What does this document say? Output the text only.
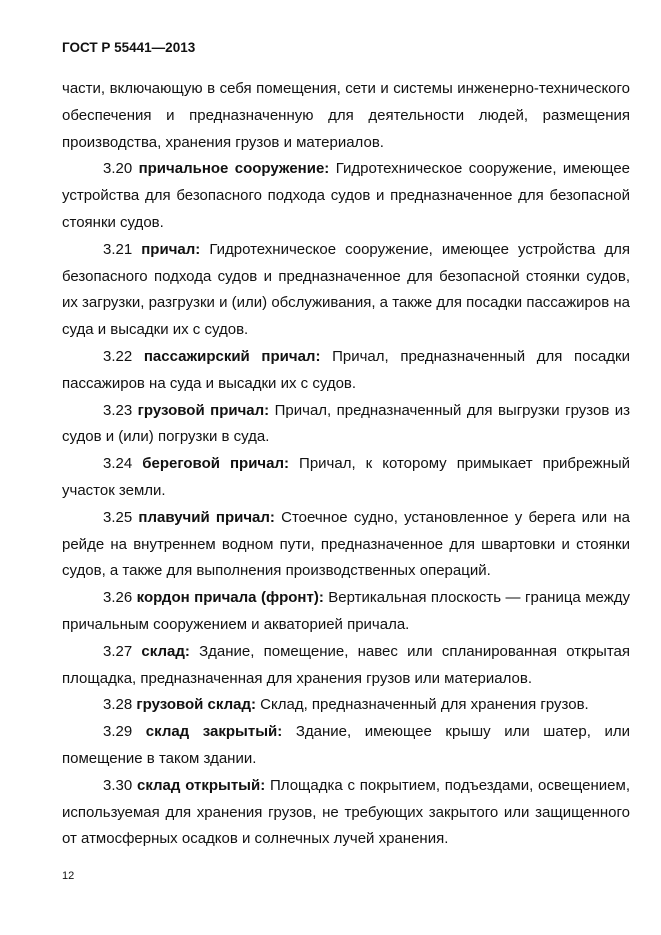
ГОСТ Р 55441—2013

части, включающую в себя помещения, сети и системы инженерно-технического обеспечения и предназначенную для деятельности людей, размещения производства, хранения грузов и материалов.

3.20 причальное сооружение: Гидротехническое сооружение, имеющее устройства для безопасного подхода судов и предназначенное для безопасной стоянки судов.

3.21 причал: Гидротехническое сооружение, имеющее устройства для безопасного подхода судов и предназначенное для безопасной стоянки судов, их загрузки, разгрузки и (или) обслуживания, а также для посадки пассажиров на суда и высадки их с судов.

3.22 пассажирский причал: Причал, предназначенный для посадки пассажиров на суда и высадки их с судов.

3.23 грузовой причал: Причал, предназначенный для выгрузки грузов из судов и (или) погрузки в суда.

3.24 береговой причал: Причал, к которому примыкает прибрежный участок земли.

3.25 плавучий причал: Стоечное судно, установленное у берега или на рейде на внутреннем водном пути, предназначенное для швартовки и стоянки судов, а также для выполнения производственных операций.

3.26 кордон причала (фронт): Вертикальная плоскость — граница между причальным сооружением и акваторией причала.

3.27 склад: Здание, помещение, навес или спланированная открытая площадка, предназначенная для хранения грузов или материалов.

3.28 грузовой склад: Склад, предназначенный для хранения грузов.

3.29 склад закрытый: Здание, имеющее крышу или шатер, или помещение в таком здании.

3.30 склад открытый: Площадка с покрытием, подъездами, освещением, используемая для хранения грузов, не требующих закрытого или защищенного от атмосферных осадков и солнечных лучей хранения.

12
